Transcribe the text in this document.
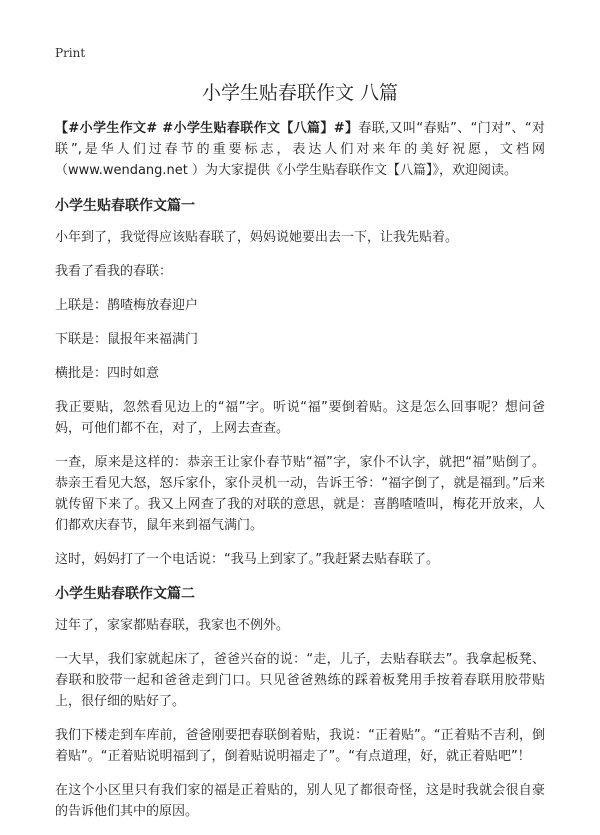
Print
小学生贴春联作文 八篇

【#小学生作文# #小学生贴春联作文【八篇】#】春联,又叫“春贴”、“门对”、“对联”,是华人们过春节的重要标志，表达人们对来年的美好祝愿，文档网（www.wendang.net ）为大家提供《小学生贴春联作文【八篇】》，欢迎阅读。

小学生贴春联作文篇一

小年到了，我觉得应该贴春联了，妈妈说她要出去一下，让我先贴着。

我看了看我的春联：

上联是：鹊喳梅放春迎户

下联是：鼠报年来福满门

横批是：四时如意

我正要贴，忽然看见边上的“福”字。听说“福”要倒着贴。这是怎么回事呢？想问爸妈，可他们都不在，对了，上网去查查。

一查，原来是这样的：恭亲王让家仆春节贴“福”字，家仆不认字，就把“福”贴倒了。恭亲王看见大怒，怒斥家仆，家仆灵机一动，告诉王爷：“福字倒了，就是福到。”后来就传留下来了。我又上网查了我的对联的意思，就是：喜鹊喳喳叫，梅花开放来，人们都欢庆春节，鼠年来到福气满门。

这时，妈妈打了一个电话说：“我马上到家了。”我赶紧去贴春联了。

小学生贴春联作文篇二

过年了，家家都贴春联，我家也不例外。

一大早，我们家就起床了，爸爸兴奋的说：“走，儿子，去贴春联去”。我拿起板凳、春联和胶带一起和爸爸走到门口。只见爸爸熟练的踩着板凳用手按着春联用胶带贴上，很仔细的贴好了。

我们下楼走到车库前，爸爸刚要把春联倒着贴，我说：“正着贴”。“正着贴不吉利，倒着贴”。“正着贴说明福到了，倒着贴说明福走了”。“有点道理，好，就正着贴吧”！

在这个小区里只有我们家的福是正着贴的，别人见了都很奇怪，这是时我就会很自豪的告诉他们其中的原因。
